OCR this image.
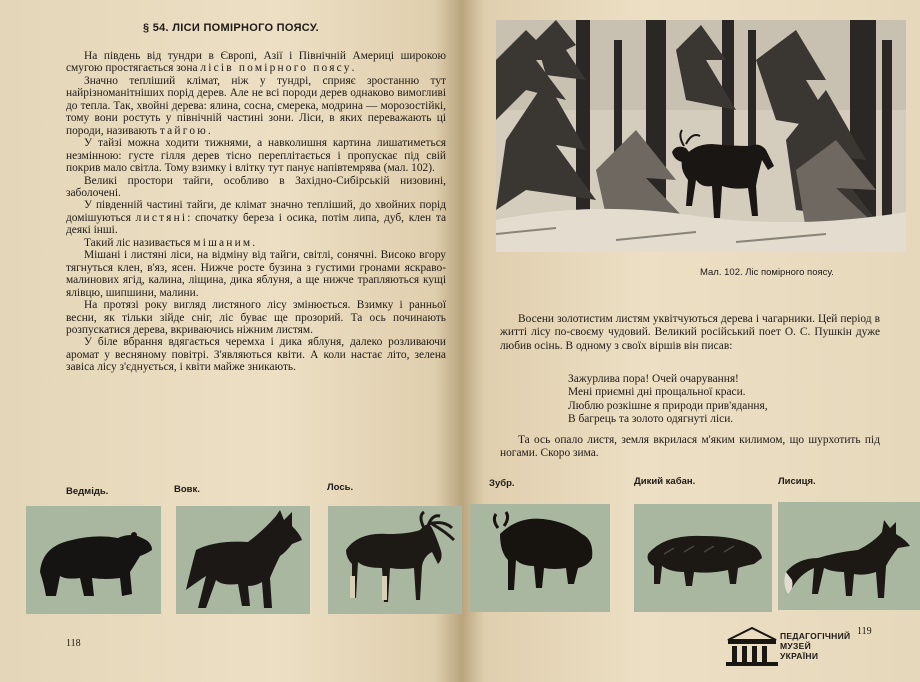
§ 54. ЛІСИ ПОМІРНОГО ПОЯСУ.

На південь від тундри в Європі, Азії і Північній Америці широкою смугою простягається зона лісів помірного поясу.

Значно тепліший клімат, ніж у тундрі, сприяє зростанню тут найрізноманітніших порід дерев. Але не всі породи дерев однаково вимогливі до тепла. Так, хвойні дерева: ялина, сосна, смерека, модрина — морозостійкі, тому вони ростуть у північній частині зони. Ліси, в яких переважають ці породи, називають тайгою.

У тайзі можна ходити тижнями, а навколишня картина лишатиметься незмінною: густе гілля дерев тісно переплітається і пропускає під свій покрив мало світла. Тому взимку і влітку тут панує напівтемрява (мал. 102).

Великі простори тайги, особливо в Західно-Сибірській низовині, заболочені.

У південній частині тайги, де клімат значно тепліший, до хвойних порід домішуються листяні: спочатку береза і осика, потім липа, дуб, клен та деякі інші.

Такий ліс називається мішаним.

Мішані і листяні ліси, на відміну від тайги, світлі, сонячні. Високо вгору тягнуться клен, в'яз, ясен. Нижче росте бузина з густими гронами яскраво-малинових ягід, калина, ліщина, дика яблуня, а ще нижче трапляються кущі ялівцю, шипшини, малини.

На протязі року вигляд листяного лісу змінюється. Взимку і ранньої весни, як тільки зійде сніг, ліс буває ще прозорий. Та ось починають розпускатися дерева, вкриваючись ніжним листям.

У біле вбрання вдягається черемха і дика яблуня, далеко розливаючи аромат у весняному повітрі. З'являються квіти. А коли настає літо, зелена завіса лісу з'єднується, і квіти майже зникають.

Ведмідь.	Вовк.	Лось.
118
Мал. 102. Ліс помірного поясу.

Восени золотистим листям уквітчуються дерева і чагарники. Цей період в житті лісу по-своєму чудовий. Великий російський поет О. С. Пушкін дуже любив осінь. В одному з своїх віршів він писав:

Зажурлива пора! Очей очарування!
Мені приємні дні прощальної краси.
Люблю розкішне я природи прив'ядання,
В багрець та золото одягнуті ліси.

Та ось опало листя, земля вкрилася м'яким килимом, що шурхотить під ногами. Скоро зима.

Зубр.	Дикий кабан.	Лисиця.
119
ПЕДАГОГІЧНИЙ
МУЗЕЙ
УКРАЇНИ
